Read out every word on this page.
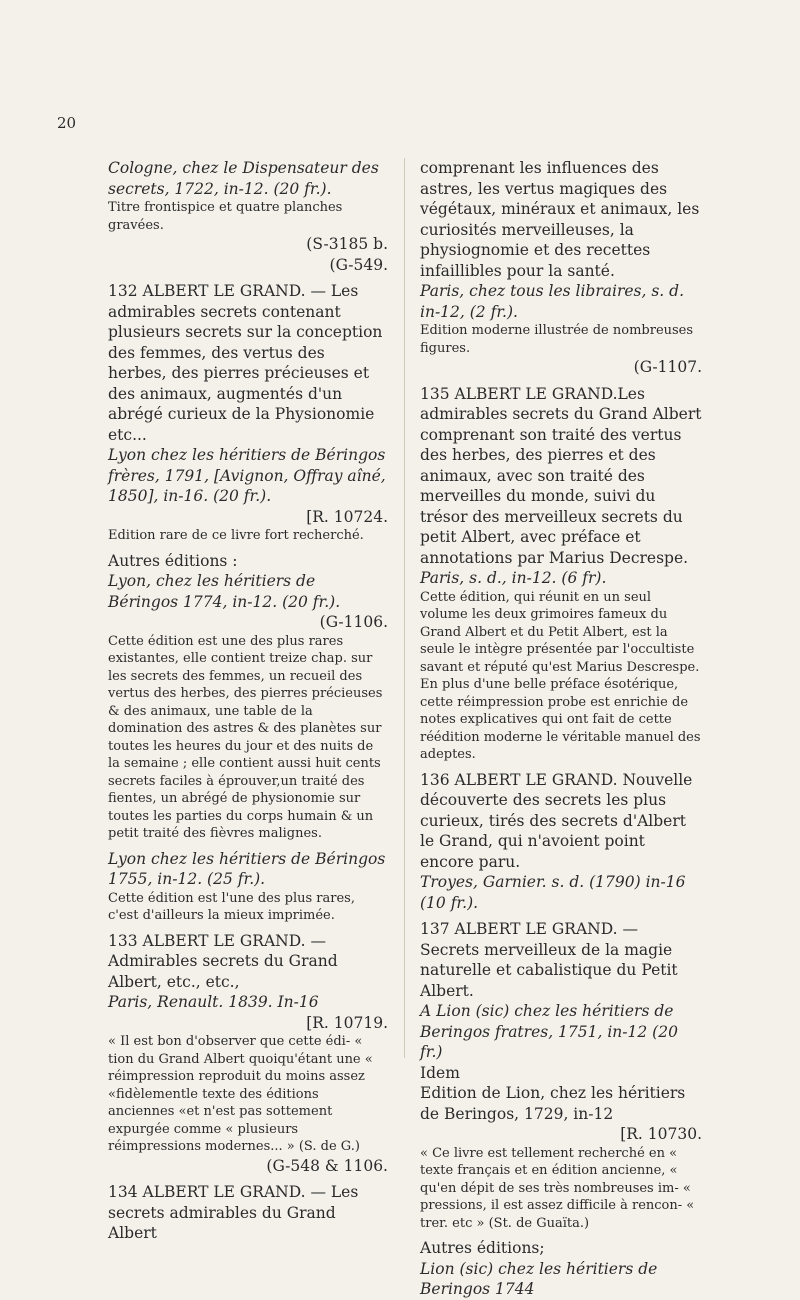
20

Cologne, chez le Dispensateur des secrets, 1722, in-12. (20 fr.).

Titre frontispice et quatre planches gravées.

(S-3185 b.

(G-549.

132 ALBERT LE GRAND. — Les admirables secrets contenant plusieurs secrets sur la conception des femmes, des vertus des herbes, des pierres précieuses et des animaux, augmentés d'un abrégé curieux de la Physionomie etc...

Lyon chez les héritiers de Béringos frères, 1791, [Avignon, Offray aîné, 1850], in-16. (20 fr.).

[R. 10724.

Edition rare de ce livre fort recherché.

Autres éditions :

Lyon, chez les héritiers de Béringos 1774, in-12. (20 fr.).

(G-1106.

Cette édition est une des plus rares existantes, elle contient treize chap. sur les secrets des femmes, un recueil des vertus des herbes, des pierres précieuses & des animaux, une table de la domination des astres & des planètes sur toutes les heures du jour et des nuits de la semaine ; elle contient aussi huit cents secrets faciles à éprouver,un traité des fientes, un abrégé de physionomie sur toutes les parties du corps humain & un petit traité des fièvres malignes.

Lyon chez les héritiers de Béringos 1755, in-12. (25 fr.).

Cette édition est l'une des plus rares, c'est d'ailleurs la mieux imprimée.

133 ALBERT LE GRAND. — Admirables secrets du Grand Albert, etc., etc.,

Paris, Renault. 1839. In-16

[R. 10719.

« Il est bon d'observer que cette édi- « tion du Grand Albert quoiqu'étant une « réimpression reproduit du moins assez «fidèlementle texte des éditions anciennes «et n'est pas sottement expurgée comme « plusieurs réimpressions modernes... » (S. de G.)

(G-548 & 1106.

134 ALBERT LE GRAND. — Les secrets admirables du Grand Albert

comprenant les influences des astres, les vertus magiques des végétaux, minéraux et animaux, les curiosités merveilleuses, la physiognomie et des recettes infaillibles pour la santé.

Paris, chez tous les libraires, s. d. in-12, (2 fr.).

Edition moderne illustrée de nombreuses figures.

(G-1107.

135 ALBERT LE GRAND.Les admirables secrets du Grand Albert comprenant son traité des vertus des herbes, des pierres et des animaux, avec son traité des merveilles du monde, suivi du trésor des merveilleux secrets du petit Albert, avec préface et annotations par Marius Decrespe.

Paris, s. d., in-12. (6 fr).

Cette édition, qui réunit en un seul volume les deux grimoires fameux du Grand Albert et du Petit Albert, est la seule le intègre présentée par l'occultiste savant et réputé qu'est Marius Descrespe. En plus d'une belle préface ésotérique, cette réimpression probe est enrichie de notes explicatives qui ont fait de cette réédition moderne le véritable manuel des adeptes.

136 ALBERT LE GRAND. Nouvelle découverte des secrets les plus curieux, tirés des secrets d'Albert le Grand, qui n'avoient point encore paru.

Troyes, Garnier. s. d. (1790) in-16 (10 fr.).

137 ALBERT LE GRAND. — Secrets merveilleux de la magie naturelle et cabalistique du Petit Albert.

A Lion (sic) chez les héritiers de Beringos fratres, 1751, in-12 (20 fr.)

Idem

Edition de Lion, chez les héritiers de Beringos, 1729, in-12

[R. 10730.

« Ce livre est tellement recherché en « texte français et en édition ancienne, « qu'en dépit de ses très nombreuses im- « pressions, il est assez difficile à rencon- « trer. etc » (St. de Guaïta.)

Autres éditions;

Lion (sic) chez les héritiers de Beringos 1744
